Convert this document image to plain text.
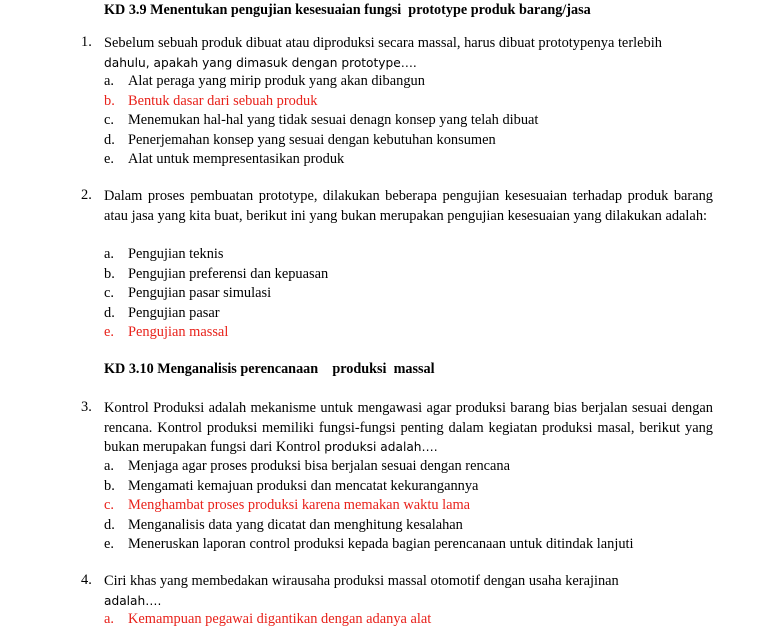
KD 3.9 Menentukan pengujian kesesuaian fungsi  prototype produk barang/jasa
1. Sebelum sebuah produk dibuat atau diproduksi secara massal, harus dibuat prototypenya terlebih
dahulu, apakah yang dimasuk dengan prototype….
a. Alat peraga yang mirip produk yang akan dibangun
b. Bentuk dasar dari sebuah produk
c. Menemukan hal-hal yang tidak sesuai denagn konsep yang telah dibuat
d. Penerjemahan konsep yang sesuai dengan kebutuhan konsumen
e. Alat untuk mempresentasikan produk
2. Dalam proses pembuatan prototype, dilakukan beberapa pengujian kesesuaian terhadap produk barang atau jasa yang kita buat, berikut ini yang bukan merupakan pengujian kesesuaian yang dilakukan adalah:
a. Pengujian teknis
b. Pengujian preferensi dan kepuasan
c. Pengujian pasar simulasi
d. Pengujian pasar
e. Pengujian massal
KD 3.10 Menganalisis perencanaan    produksi  massal
3. Kontrol Produksi adalah mekanisme untuk mengawasi agar produksi barang bias berjalan sesuai dengan rencana. Kontrol produksi memiliki fungsi-fungsi penting dalam kegiatan produksi masal, berikut yang bukan merupakan fungsi dari Kontrol produksi adalah….
a. Menjaga agar proses produksi bisa berjalan sesuai dengan rencana
b. Mengamati kemajuan produksi dan mencatat kekurangannya
c. Menghambat proses produksi karena memakan waktu lama
d. Menganalisis data yang dicatat dan menghitung kesalahan
e. Meneruskan laporan control produksi kepada bagian perencanaan untuk ditindak lanjuti
4. Ciri khas yang membedakan wirausaha produksi massal otomotif dengan usaha kerajinan
adalah….
a. Kemampuan pegawai digantikan dengan adanya alat
